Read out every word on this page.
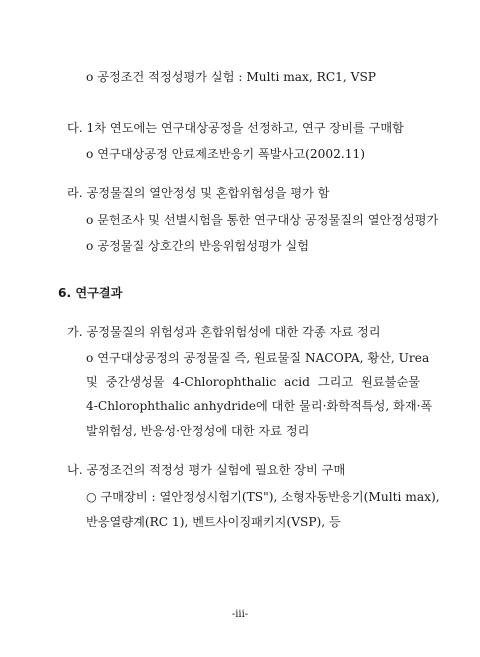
o 공정조건 적정성평가 실험 : Multi max, RC1, VSP
다. 1차 연도에는 연구대상공정을 선정하고, 연구 장비를 구매함
o 연구대상공정 안료제조반응기 폭발사고(2002.11)
라. 공정물질의 열안정성 및 혼합위험성을 평가 함
o 문헌조사 및 선별시험을 통한 연구대상 공정물질의 열안정성평가
o 공정물질 상호간의 반응위험성평가 실험
6. 연구결과
가. 공정물질의 위험성과 혼합위험성에 대한 각종 자료 정리
o 연구대상공정의 공정물질 즉, 원료물질 NACOPA, 황산, Urea
및 중간생성물 4-Chlorophthalic acid 그리고 원료불순물
4-Chlorophthalic anhydride에 대한 물리·화학적특성, 화재·폭
발위험성, 반응성·안정성에 대한 자료 정리
나. 공정조건의 적정성 평가 실험에 필요한 장비 구매
○ 구매장비 : 열안정성시험기(TS"), 소형자동반응기(Multi max),
반응열량계(RC 1), 벤트사이징패키지(VSP), 등
-iii-
